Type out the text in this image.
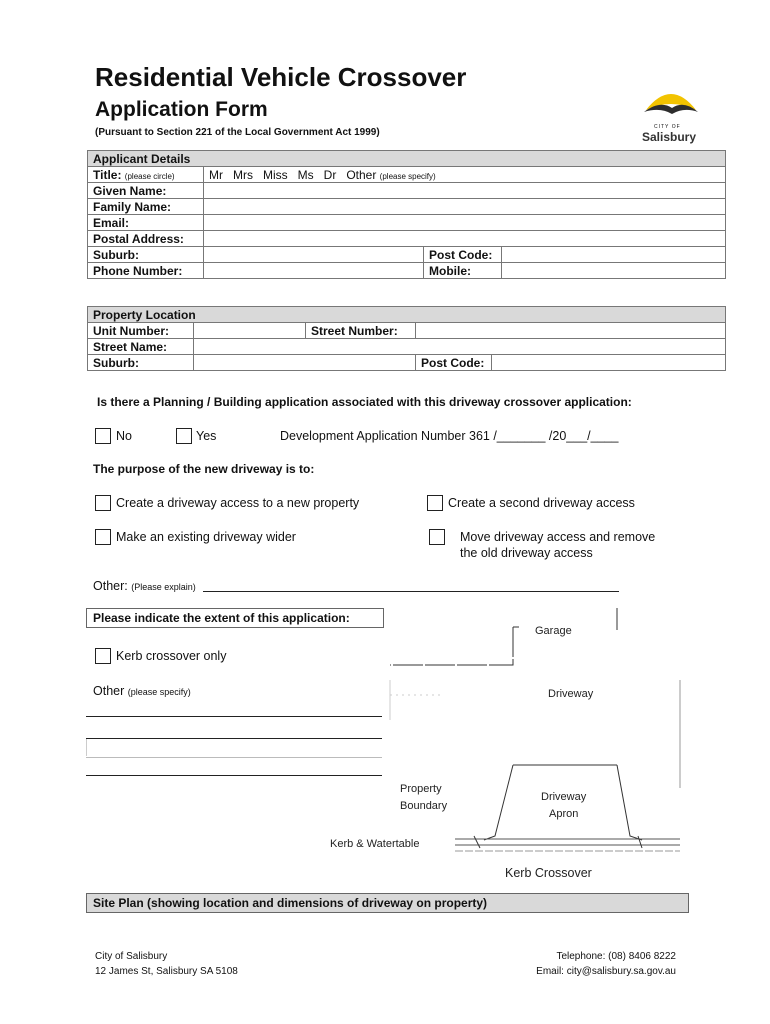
Residential Vehicle Crossover
Application Form
(Pursuant to Section 221 of the Local Government Act 1999)	CITY OF
Salisbury
Applicant Details			
Title: (please circle)	Mr   Mrs   Miss   Ms   Dr   Other (please specify)		
Given Name:			
Family Name:			
Email:			
Postal Address:			
Suburb:		Post Code:	
Phone Number:		Mobile:	
Property Location				
Unit Number:		Street Number:		
Street Name:				
Suburb:			Post Code:	
Is there a Planning / Building application associated with this driveway crossover application:
No	Yes	Development Application Number 361 /_______ /20___/____
The purpose of the new driveway is to:
Create a driveway access to a new property	Create a second driveway access
Make an existing driveway wider	Move driveway access and remove
the old driveway access
Other: (Please explain)
Please indicate the extent of this application:
Kerb crossover only
Other (please specify)
Garage
Driveway
Property
Boundary
Driveway
Apron
Kerb & Watertable
Kerb Crossover
Site Plan (showing location and dimensions of driveway on property)
City of Salisbury
12 James St, Salisbury SA 5108
Telephone: (08) 8406 8222
Email: city@salisbury.sa.gov.au
